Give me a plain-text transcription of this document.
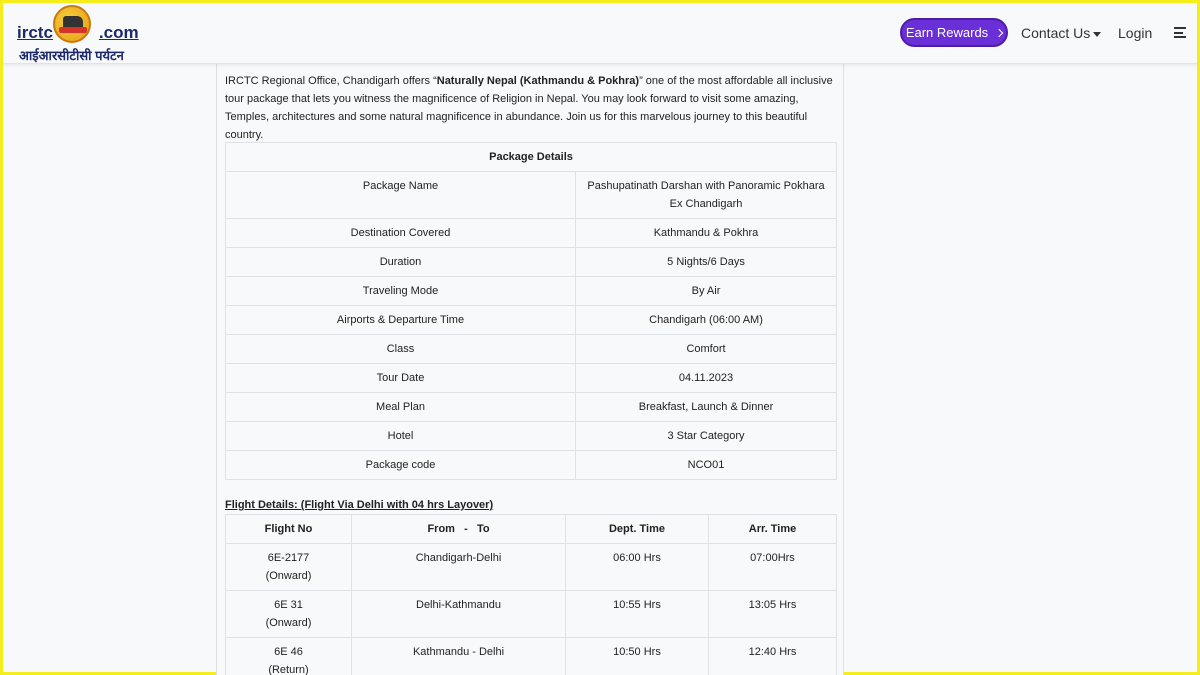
irctc	.com
आईआरसीटीसी पर्यटन
Earn Rewards Contact Us	Login

IRCTC Regional Office, Chandigarh offers “Naturally Nepal (Kathmandu & Pokhra)” one of the most affordable all inclusive tour package that lets you witness the magnificence of Religion in Nepal. You may look forward to visit some amazing, Temples, architectures and some natural magnificence in abundance. Join us for this marvelous journey to this beautiful country.

Package Details	
Package Name	Pashupatinath Darshan with Panoramic Pokhara Ex Chandigarh
Destination Covered	Kathmandu & Pokhra
Duration	5 Nights/6 Days
Traveling Mode	By Air
Airports & Departure Time	Chandigarh (06:00 AM)
Class	Comfort
Tour Date	04.11.2023
Meal Plan	Breakfast, Launch & Dinner
Hotel	3 Star Category
Package code	NCO01
Flight Details: (Flight Via Delhi with 04 hrs Layover)
Flight No	From   -   To	Dept. Time	Arr. Time
6E-2177
(Onward)	Chandigarh-Delhi	06:00 Hrs	07:00Hrs
6E 31
(Onward)	Delhi-Kathmandu	10:55 Hrs	13:05 Hrs
6E 46
(Return)	Kathmandu - Delhi	10:50 Hrs	12:40 Hrs
